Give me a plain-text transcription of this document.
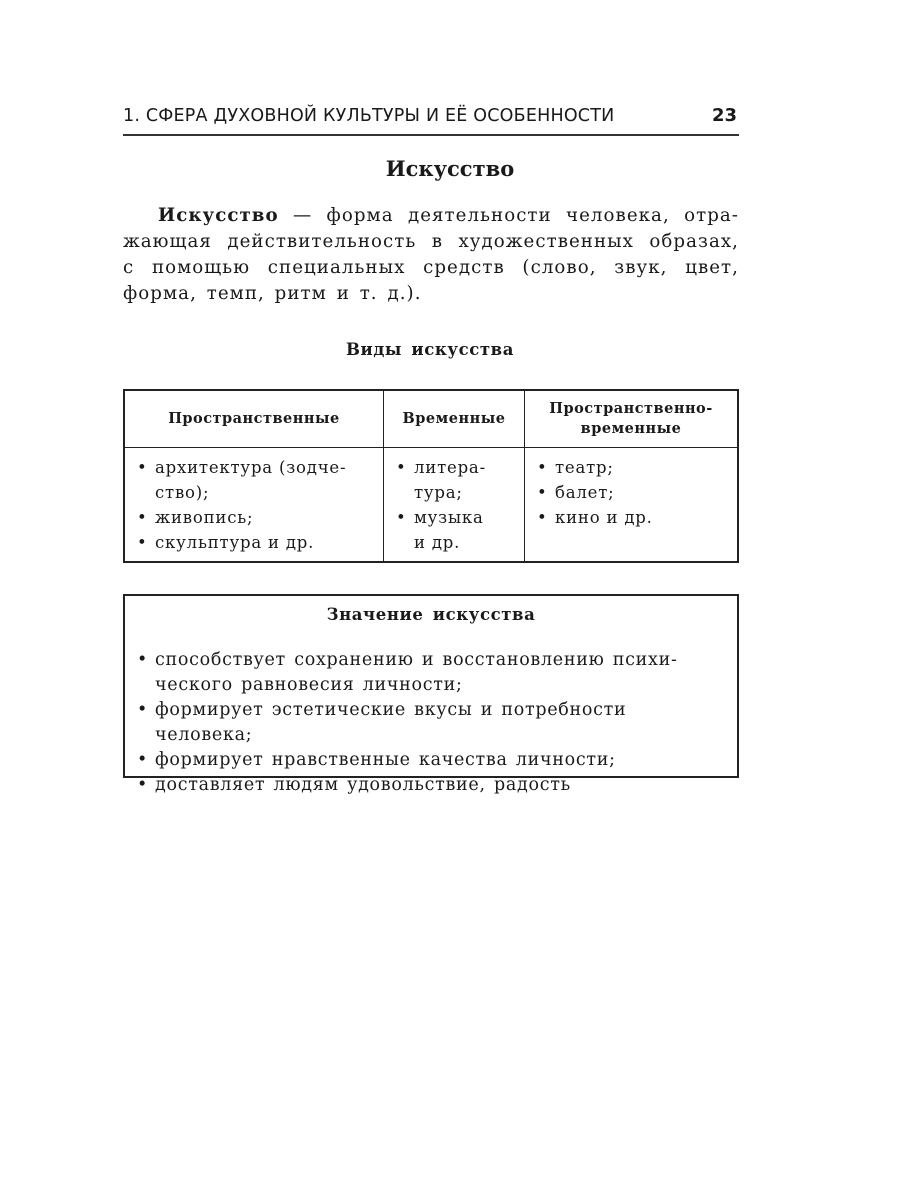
1. СФЕРА ДУХОВНОЙ КУЛЬТУРЫ И ЕЁ ОСОБЕННОСТИ	23
Искусство
Искусство — форма деятельности человека, отра-
жающая действительность в художественных образах,
с помощью специальных средств (слово, звук, цвет,
форма, темп, ритм и т. д.).
Виды искусства
Пространственные	Временные	Пространственно-
временные

• архитектура (зодче-
ство);
• живопись;
• скульптура и др.

• литера-
тура;
• музыка
и др.

• театр;
• балет;
• кино и др.
Значение искусства
• способствует сохранению и восстановлению психи-
ческого равновесия личности;
• формирует эстетические вкусы и потребности человека;
• формирует нравственные качества личности;
• доставляет людям удовольствие, радость
